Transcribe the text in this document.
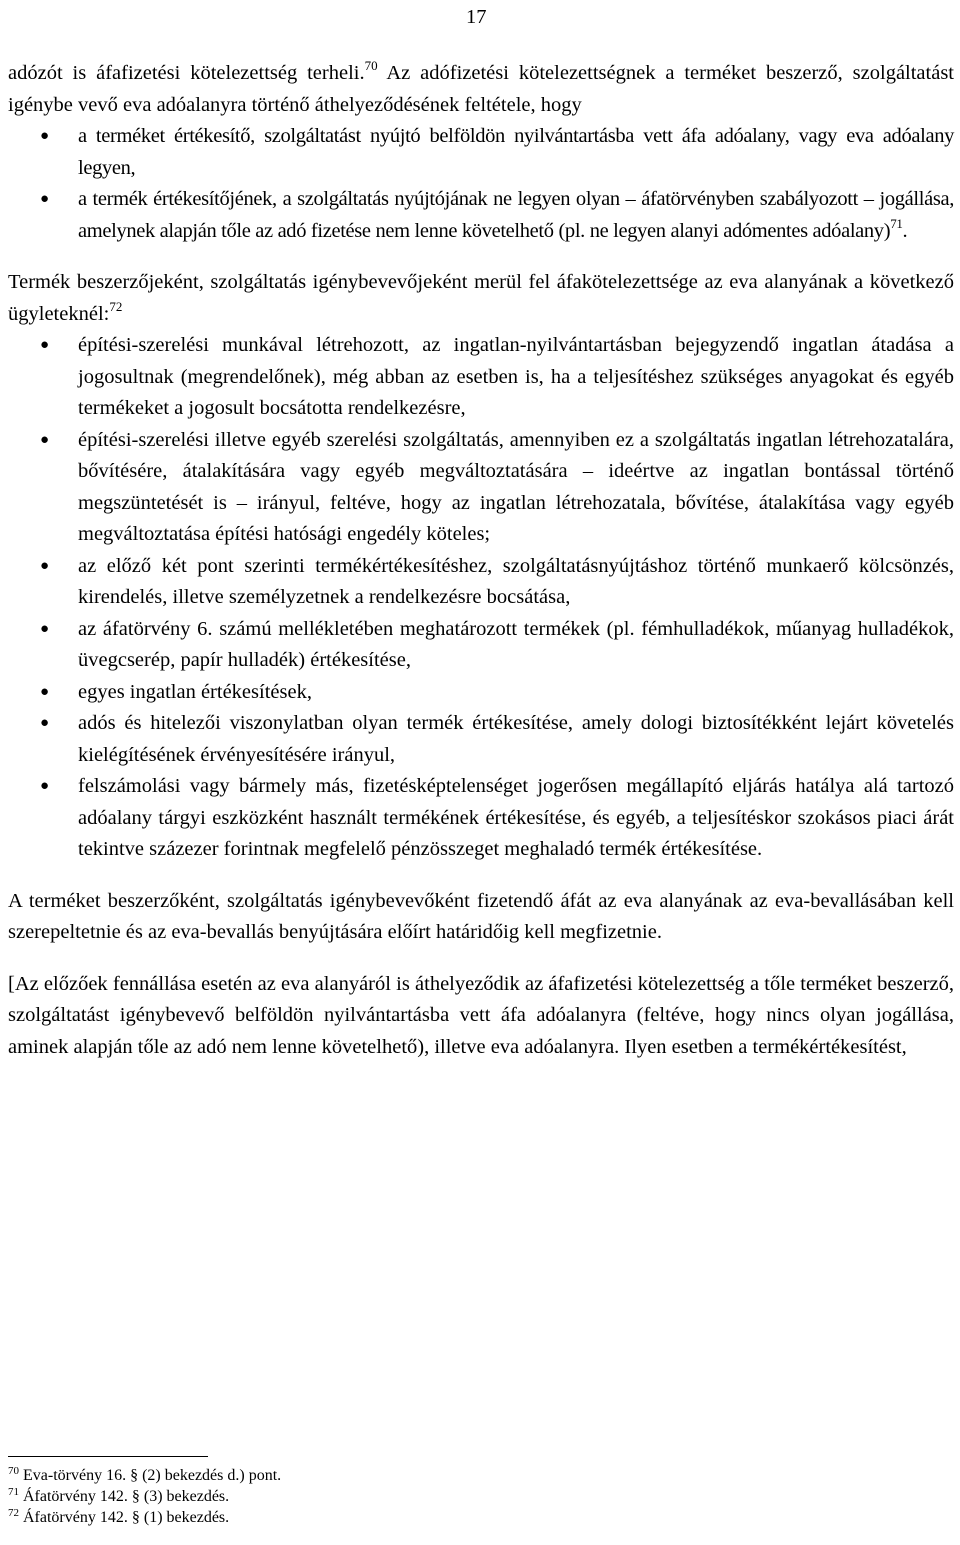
17

adózót is áfafizetési kötelezettség terheli.$^{70}$ Az adófizetési kötelezettségnek a terméket beszerző, szolgáltatást igénybe vevő eva adóalanyra történő áthelyeződésének feltétele, hogy

● a terméket értékesítő, szolgáltatást nyújtó belföldön nyilvántartásba vett áfa adóalany, vagy eva adóalany legyen,
● a termék értékesítőjének, a szolgáltatás nyújtójának ne legyen olyan – áfatörvényben szabályozott – jogállása, amelynek alapján tőle az adó fizetése nem lenne követelhető (pl. ne legyen alanyi adómentes adóalany)$^{71}$.

Termék beszerzőjeként, szolgáltatás igénybevevőjeként merül fel áfakötelezettsége az eva alanyának a következő ügyleteknél:$^{72}$

● építési-szerelési munkával létrehozott, az ingatlan-nyilvántartásban bejegyzendő ingatlan átadása a jogosultnak (megrendelőnek), még abban az esetben is, ha a teljesítéshez szükséges anyagokat és egyéb termékeket a jogosult bocsátotta rendelkezésre,
● építési-szerelési illetve egyéb szerelési szolgáltatás, amennyiben ez a szolgáltatás ingatlan létrehozatalára, bővítésére, átalakítására vagy egyéb megváltoztatására – ideértve az ingatlan bontással történő megszüntetését is – irányul, feltéve, hogy az ingatlan létrehozatala, bővítése, átalakítása vagy egyéb megváltoztatása építési hatósági engedély köteles;
● az előző két pont szerinti termékértékesítéshez, szolgáltatásnyújtáshoz történő munkaerő kölcsönzés, kirendelés, illetve személyzetnek a rendelkezésre bocsátása,
● az áfatörvény 6. számú mellékletében meghatározott termékek (pl. fémhulladékok, műanyag hulladékok, üvegcserép, papír hulladék) értékesítése,
● egyes ingatlan értékesítések,
● adós és hitelezői viszonylatban olyan termék értékesítése, amely dologi biztosítékként lejárt követelés kielégítésének érvényesítésére irányul,
● felszámolási vagy bármely más, fizetésképtelenséget jogerősen megállapító eljárás hatálya alá tartozó adóalany tárgyi eszközként használt termékének értékesítése, és egyéb, a teljesítéskor szokásos piaci árát tekintve százezer forintnak megfelelő pénzösszeget meghaladó termék értékesítése.

A terméket beszerzőként, szolgáltatás igénybevevőként fizetendő áfát az eva alanyának az eva-bevallásában kell szerepeltetnie és az eva-bevallás benyújtására előírt határidőig kell megfizetnie.

[Az előzőek fennállása esetén az eva alanyáról is áthelyeződik az áfafizetési kötelezettség a tőle terméket beszerző, szolgáltatást igénybevevő belföldön nyilvántartásba vett áfa adóalanyra (feltéve, hogy nincs olyan jogállása, aminek alapján tőle az adó nem lenne követelhető), illetve eva adóalanyra. Ilyen esetben a termékértékesítést,

$^{70}$ Eva-törvény 16. § (2) bekezdés d.) pont.
$^{71}$ Áfatörvény 142. § (3) bekezdés.
$^{72}$ Áfatörvény 142. § (1) bekezdés.
